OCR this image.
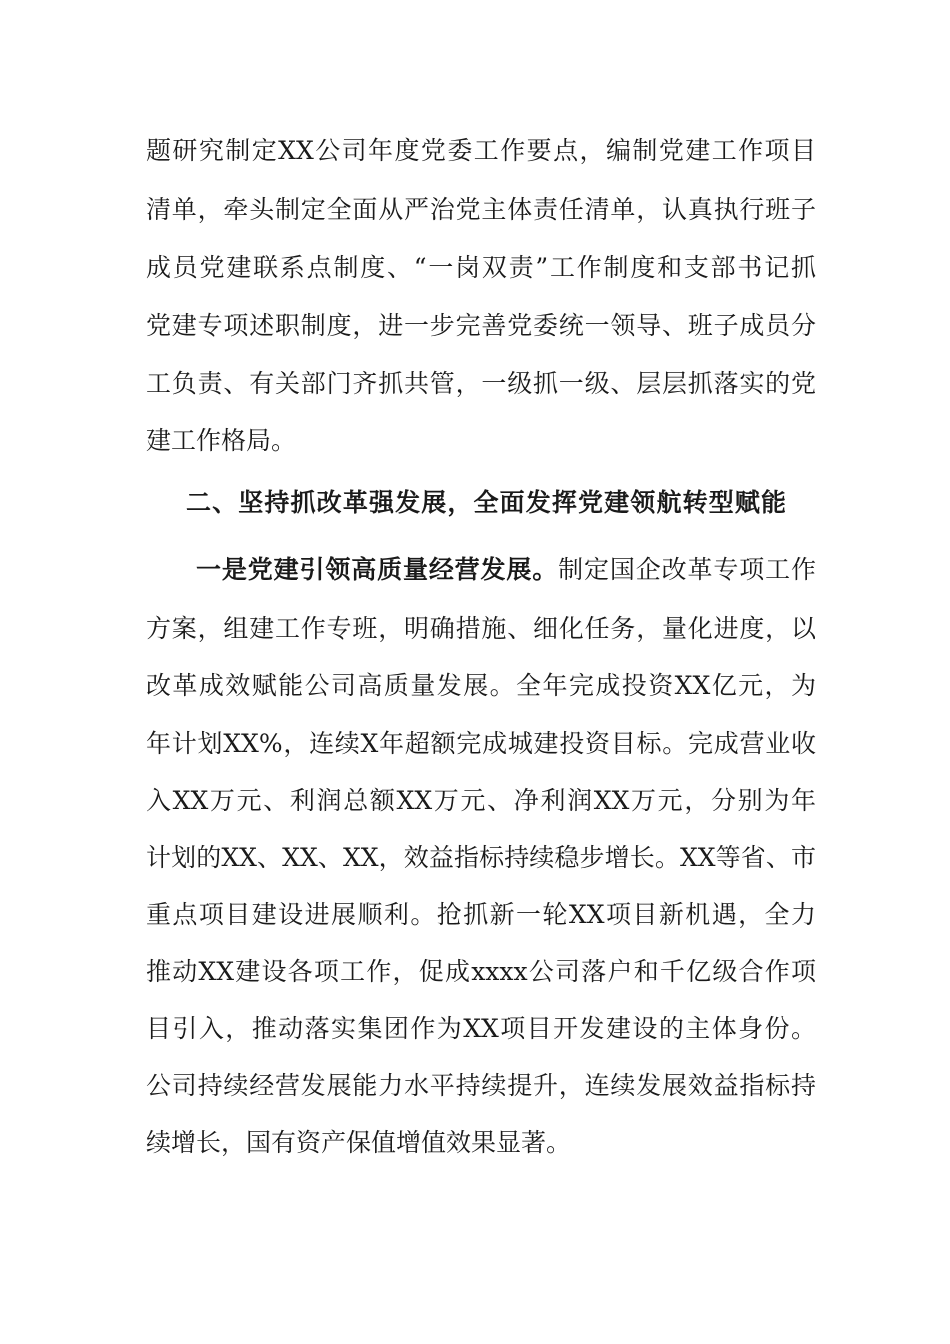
题研究制定XX公司年度党委工作要点，编制党建工作项目
清单，牵头制定全面从严治党主体责任清单，认真执行班子
成员党建联系点制度、“一岗双责”工作制度和支部书记抓
党建专项述职制度，进一步完善党委统一领导、班子成员分
工负责、有关部门齐抓共管，一级抓一级、层层抓落实的党
建工作格局。
二、坚持抓改革强发展，全面发挥党建领航转型赋能
一是党建引领高质量经营发展。制定国企改革专项工作
方案，组建工作专班，明确措施、细化任务，量化进度，以
改革成效赋能公司高质量发展。全年完成投资XX亿元，为
年计划XX%，连续X年超额完成城建投资目标。完成营业收
入XX万元、利润总额XX万元、净利润XX万元，分别为年
计划的XX、XX、XX，效益指标持续稳步增长。XX等省、市
重点项目建设进展顺利。抢抓新一轮XX项目新机遇，全力
推动XX建设各项工作，促成xxxx公司落户和千亿级合作项
目引入，推动落实集团作为XX项目开发建设的主体身份。
公司持续经营发展能力水平持续提升，连续发展效益指标持
续增长，国有资产保值增值效果显著。
